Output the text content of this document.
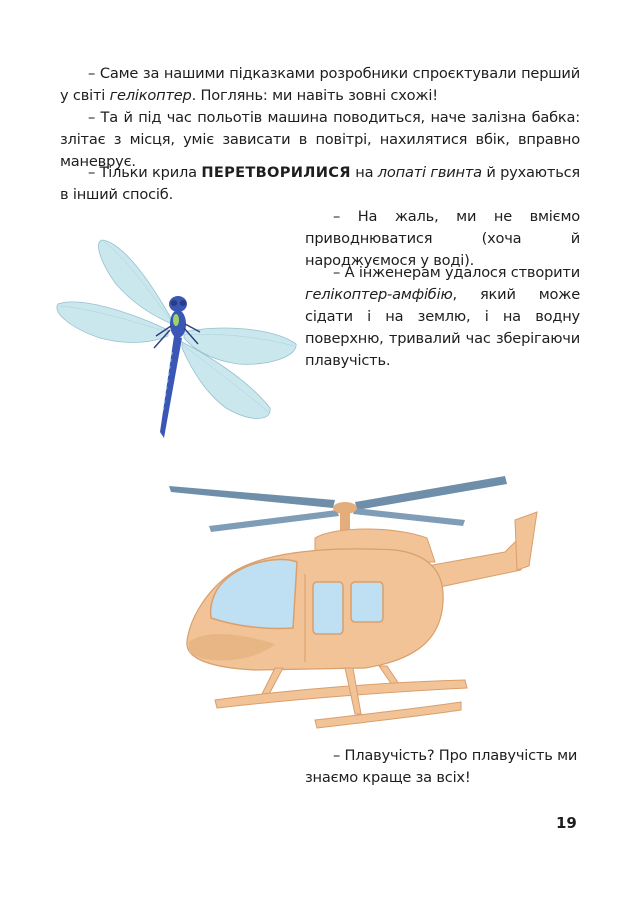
– Саме за нашими підказками розробники спроєктували перший у світі гелікоптер. Поглянь: ми навіть зовні схожі!

– Та й під час польотів машина поводиться, наче залізна бабка: злітає з місця, уміє зависати в повітрі, нахилятися вбік, вправно маневрує.

– Тільки крила ПЕРЕТВОРИЛИСЯ на лопаті гвинта й рухаються в інший спосіб.

– На жаль, ми не вміємо приводнюватися (хоча й народжуємося у воді).

– А інженерам удалося створити гелікоптер-амфібію, який може сідати і на землю, і на водну поверхню, тривалий час зберігаючи плавучість.

– Плавучість? Про плавучість ми знаємо краще за всіх!

19
